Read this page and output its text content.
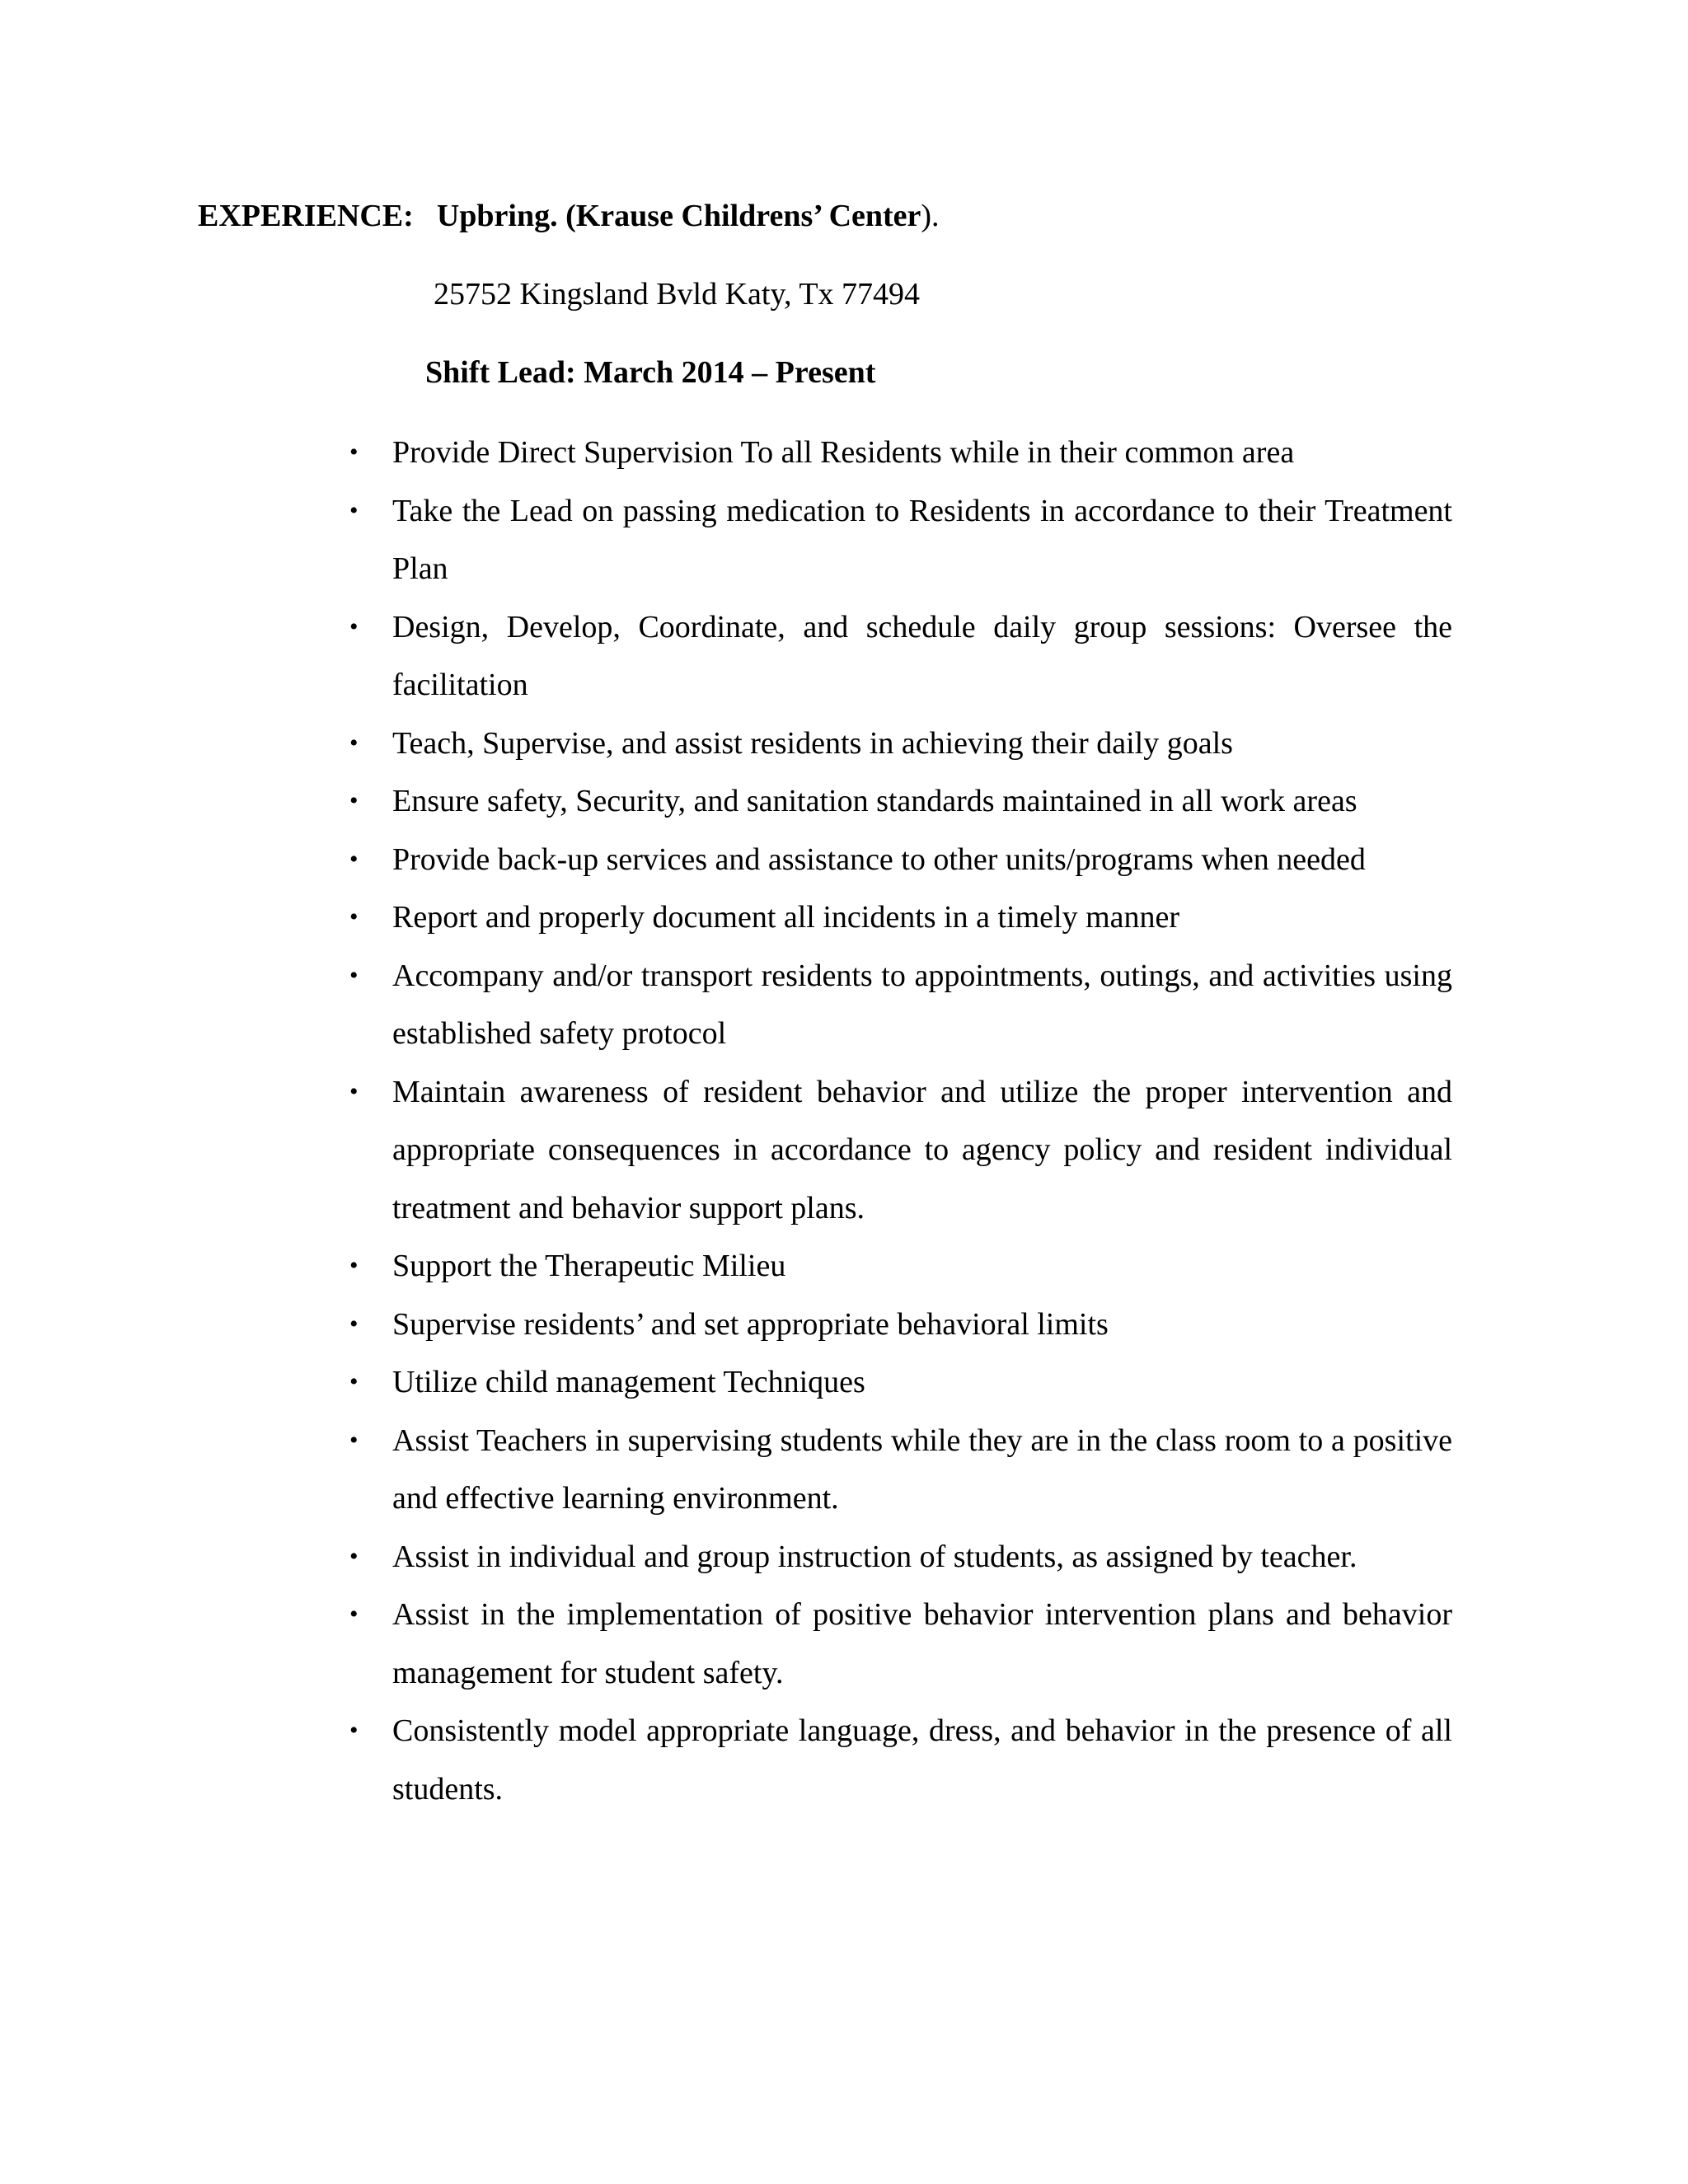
EXPERIENCE: Upbring. (Krause Childrens’ Center).
25752 Kingsland Bvld Katy, Tx 77494
Shift Lead: March 2014 – Present
• Provide Direct Supervision To all Residents while in their common area
• Take the Lead on passing medication to Residents in accordance to their Treatment Plan
• Design, Develop, Coordinate, and schedule daily group sessions: Oversee the facilitation
• Teach, Supervise, and assist residents in achieving their daily goals
• Ensure safety, Security, and sanitation standards maintained in all work areas
• Provide back-up services and assistance to other units/programs when needed
• Report and properly document all incidents in a timely manner
• Accompany and/or transport residents to appointments, outings, and activities using established safety protocol
• Maintain awareness of resident behavior and utilize the proper intervention and appropriate consequences in accordance to agency policy and resident individual treatment and behavior support plans.
• Support the Therapeutic Milieu
• Supervise residents’ and set appropriate behavioral limits
• Utilize child management Techniques
• Assist Teachers in supervising students while they are in the class room to a positive and effective learning environment.
• Assist in individual and group instruction of students, as assigned by teacher.
• Assist in the implementation of positive behavior intervention plans and behavior management for student safety.
• Consistently model appropriate language, dress, and behavior in the presence of all students.
